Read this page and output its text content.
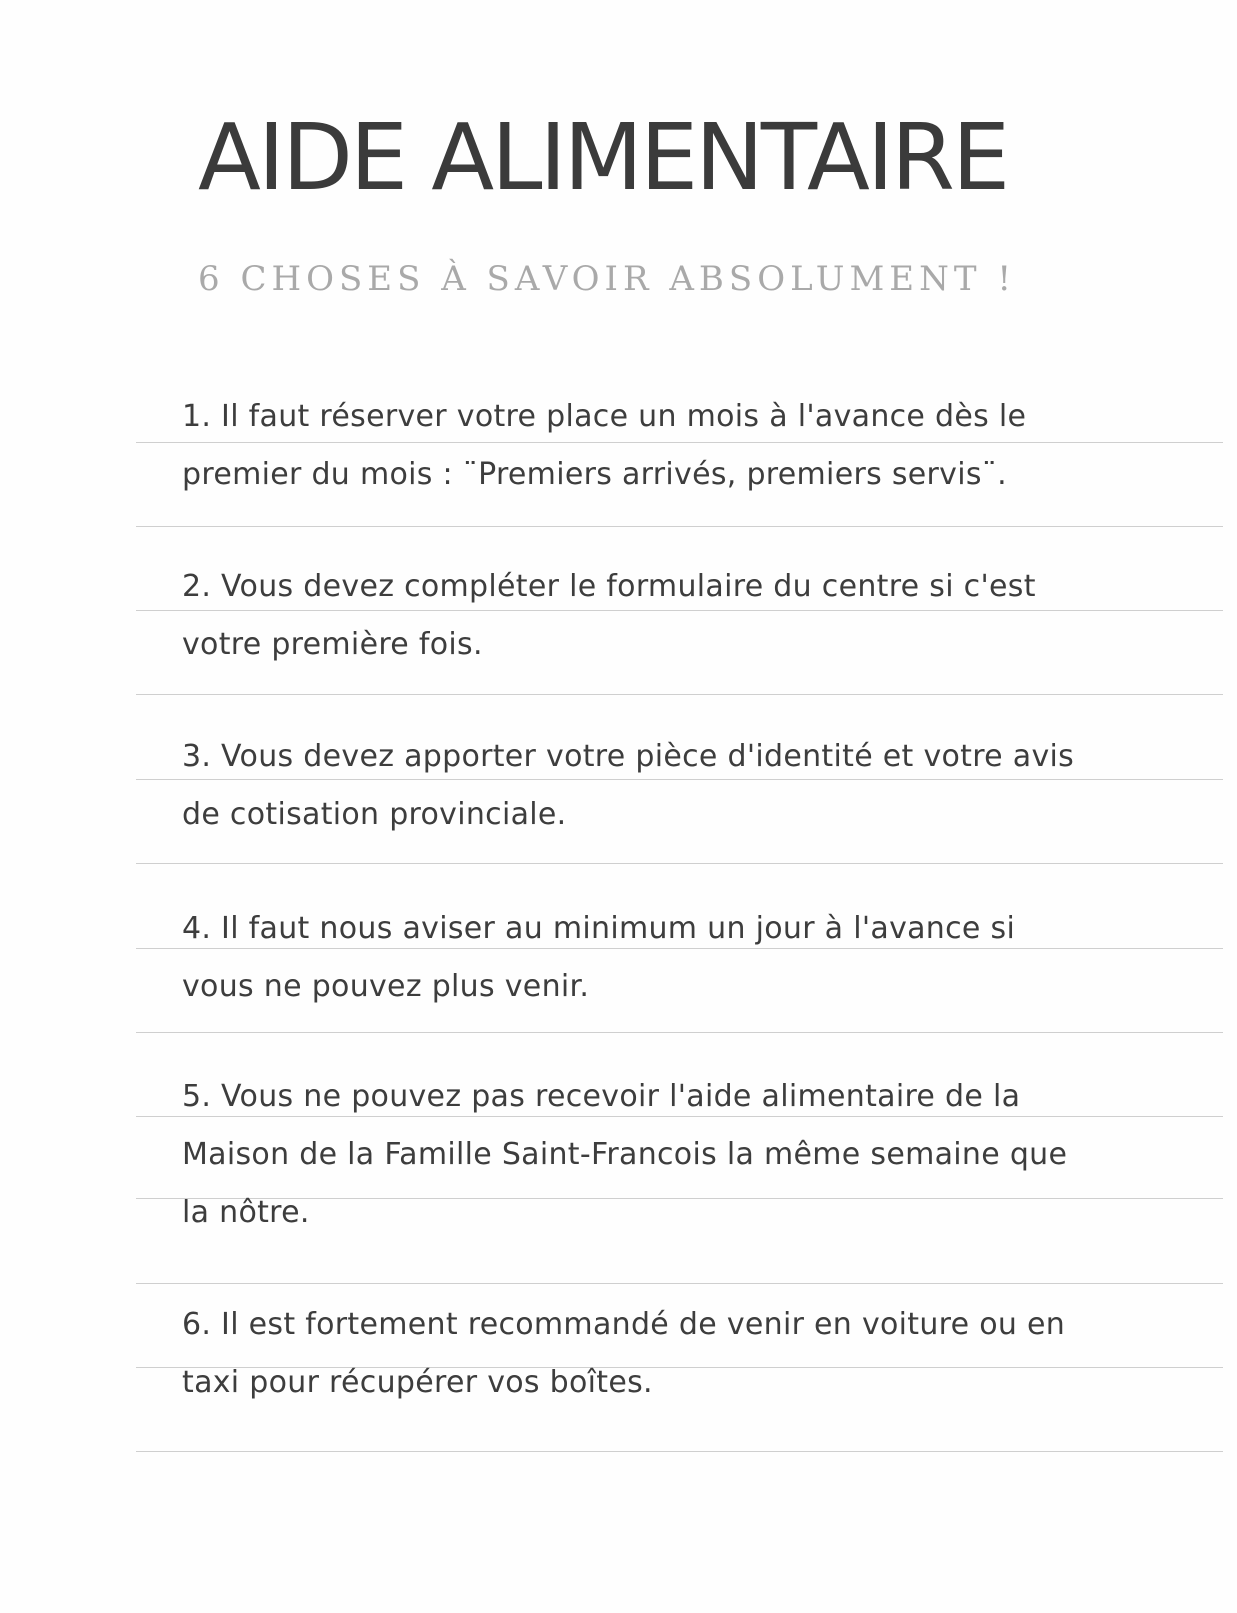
AIDE ALIMENTAIRE
6 CHOSES À SAVOIR ABSOLUMENT !

1. Il faut réserver votre place un mois à l'avance dès le

premier du mois : ¨Premiers arrivés, premiers servis¨.

2. Vous devez compléter le formulaire du centre si c'est

votre première fois.

3. Vous devez apporter votre pièce d'identité et votre avis

de cotisation provinciale.

4. Il faut nous aviser au minimum un jour à l'avance si

vous ne pouvez plus venir.

5. Vous ne pouvez pas recevoir l'aide alimentaire de la

Maison de la Famille Saint-Francois la même semaine que

la nôtre.

6. Il est fortement recommandé de venir en voiture ou en

taxi pour récupérer vos boîtes.
